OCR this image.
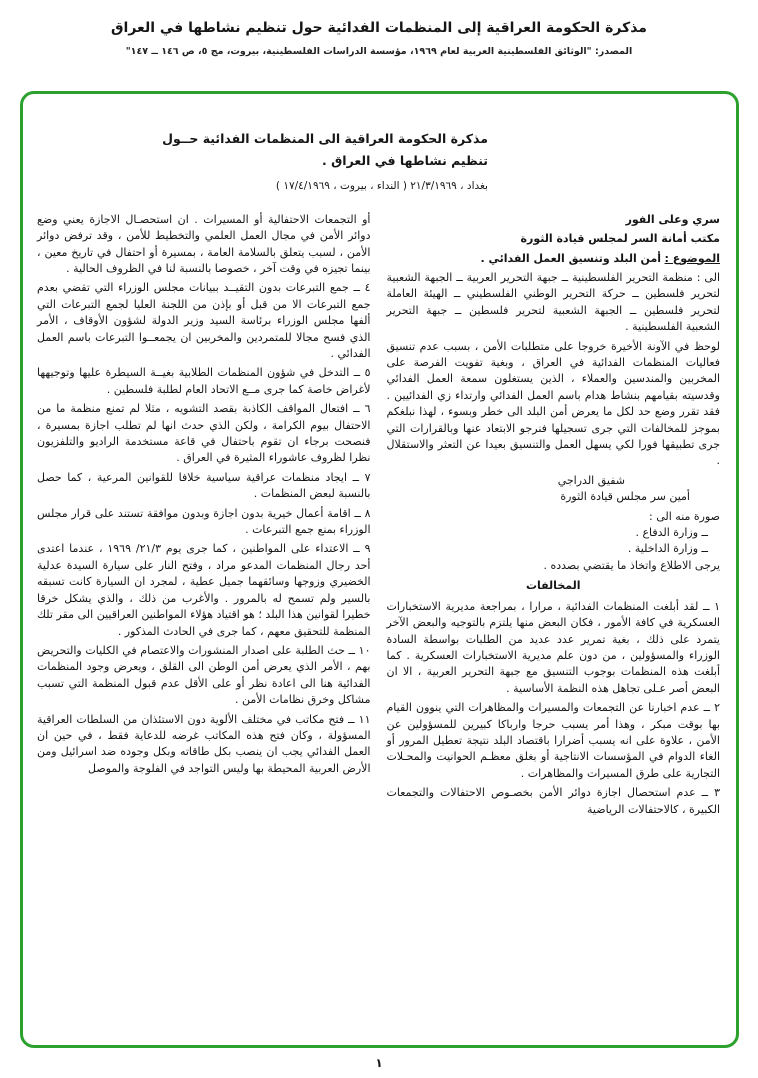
مذكرة الحكومة العراقية إلى المنظمات الفدائية حول تنظيم نشاطها في العراق
المصدر: "الوثائق الفلسطينية العربية لعام ١٩٦٩، مؤسسة الدراسات الفلسطينية، بيروت، مج ٥، ص ١٤٦ ــ ١٤٧"
مذكرة الحكومة العراقية الى المنظمات الفدائية حــول
تنظيم نشاطها في العراق .
بغداد ، ٢١/٣/١٩٦٩ ( النداء ، بيروت ، ١٧/٤/١٩٦٩ )
سري وعلى الفور
مكتب أمانة السر لمجلس قيادة الثورة
الموضوع : أمن البلد وتنسيق العمل الفدائي .
الى : منظمة التحرير الفلسطينية ــ جبهة التحرير العربية ــ الجبهة الشعبية لتحرير فلسطين ــ حركة التحرير الوطني الفلسطيني ــ الهيئة العاملة لتحرير فلسطين ــ الجبهة الشعبية لتحرير فلسطين ــ جبهة التحرير الشعبية الفلسطينية .
لوحظ في الآونة الأخيرة خروجا على متطلبات الأمن ، بسبب عدم تنسيق فعاليات المنظمات الفدائية في العراق ، وبغية تفويت الفرصة على المخربين والمندسين والعملاء ، الذين يستغلون سمعة العمل الفدائي وقدسيته بقيامهم بنشاط هدام باسم العمل الفدائي وارتداء زي الفدائيين . فقد تقرر وضع حد لكل ما يعرض أمن البلد الى خطر وبسوء ، لهذا نبلغكم بموجز للمخالفات التي جرى تسجيلها فنرجو الابتعاد عنها وبالقرارات التي جرى تطبيقها فورا لكي يسهل العمل والتنسيق بعيدا عن التعثر والاستقلال .
شفيق الدراجي
أمين سر مجلس قيادة الثورة
صورة منه الى :
ــ وزارة الدفاع .
ــ وزارة الداخلية .
يرجى الاطلاع واتخاذ ما يقتضي بصدده .
المخالفات
١ ــ لقد أبلغت المنظمات الفدائية ، مرارا ، بمراجعة مديرية الاستخبارات العسكرية في كافة الأمور ، فكان البعض منها يلتزم بالتوجيه والبعض الآخر يتمرد على ذلك ، بغية تمرير عدد عديد من الطلبات بواسطة السادة الوزراء والمسؤولين ، من دون علم مديرية الاستخبارات العسكرية . كما أبلغت هذه المنظمات بوجوب التنسيق مع جبهة التحرير العربية ، الا ان البعض أصر عـلى تجاهل هذه النظمة الأساسية .
٢ ــ عدم اخبارنا عن التجمعات والمسيرات والمظاهرات التي ينوون القيام بها بوقت مبكر ، وهذا أمر يسبب حرجا وارباكا كبيرين للمسؤولين عن الأمن ، علاوة على انه يسبب أضرارا باقتصاد البلد نتيجة تعطيل المرور أو الغاء الدوام في المؤسسات الانتاجية أو بغلق معظـم الحوانيت والمحـلات التجارية على طرق المسيرات والمظاهرات .
٣ ــ عدم استحصال اجازة دوائر الأمن بخصـوص الاحتفالات والتجمعات الكبيرة ، كالاحتفالات الرياضية
أو التجمعات الاحتفالية أو المسيرات . ان استحصـال الاجازة يعني وضع دوائر الأمن في مجال العمل العلمي والتخطيط للأمن ، وقد ترفض دوائر الأمن ، لسبب يتعلق بالسلامة العامة ، بمسيرة أو احتفال في تاريخ معين ، بينما تجيزه في وقت آخر ، خصوصا بالنسبة لنا في الظروف الحالية .
٤ ــ جمع التبرعات بدون التقيــد ببيانات مجلس الوزراء التي تقضي بعدم جمع التبرعات الا من قبل أو بإذن من اللجنة العليا لجمع التبرعات التي ألفها مجلس الوزراء برئاسة السيد وزير الدولة لشؤون الأوقاف ، الأمر الذي فسح مجالا للمتمردين والمخربين ان يجمعــوا التبرعات باسم العمل الفدائي .
٥ ــ التدخل في شؤون المنظمات الطلابية بغيــة السيطرة عليها وتوجيهها لأغراض خاصة كما جرى مــع الاتحاد العام لطلبة فلسطين .
٦ ــ افتعال المواقف الكاذبة بقصد التشويه ، مثلا لم تمنع منظمة ما من الاحتفال بيوم الكرامة ، ولكن الذي حدث انها لم تطلب اجازة بمسيرة ، فنصحت برجاء ان تقوم باحتفال في قاعة مستخدمة الراديو والتلفزيون نظرا لظروف عاشوراء المثيرة في العراق .
٧ ــ ايجاد منظمات عراقية سياسية خلافا للقوانين المرعية ، كما حصل بالنسبة لبعض المنظمات .
٨ ــ اقامة أعمال خيرية بدون اجازة وبدون موافقة تستند على قرار مجلس الوزراء بمنع جمع التبرعات .
٩ ــ الاعتداء على المواطنين ، كما جرى يوم ٢١/٣/ ١٩٦٩ ، عندما اعتدى أحد رجال المنظمات المدعو مراد ، وفتح النار على سيارة السيدة عدلية الخضيري وزوجها وسائقهما جميل عطية ، لمجرد ان السيارة كانت تسبقه بالسير ولم تسمح له بالمرور . والأغرب من ذلك ، والذي يشكل خرقا خطيرا لقوانين هذا البلد ؛ هو اقتياد هؤلاء المواطنين العراقيين الى مقر تلك المنظمة للتحقيق معهم ، كما جرى في الحادث المذكور .
١٠ ــ حث الطلبة على اصدار المنشورات والاعتصام في الكليات والتحريض بهم ، الأمر الذي يعرض أمن الوطن الى القلق ، ويعرض وجود المنظمات الفدائية هنا الى اعادة نظر أو على الأقل عدم قبول المنظمة التي تسبب مشاكل وخرق نظامات الأمن .
١١ ــ فتح مكاتب في مختلف الألوية دون الاستئذان من السلطات العراقية المسؤولة ، وكان فتح هذه المكاتب غرضه للدعاية فقط ، في حين ان العمل الفدائي يجب ان ينصب بكل طاقاته وبكل وجوده ضد اسرائيل ومن الأرض العربية المحيطة بها وليس التواجد في الفلوجة والموصل
١
